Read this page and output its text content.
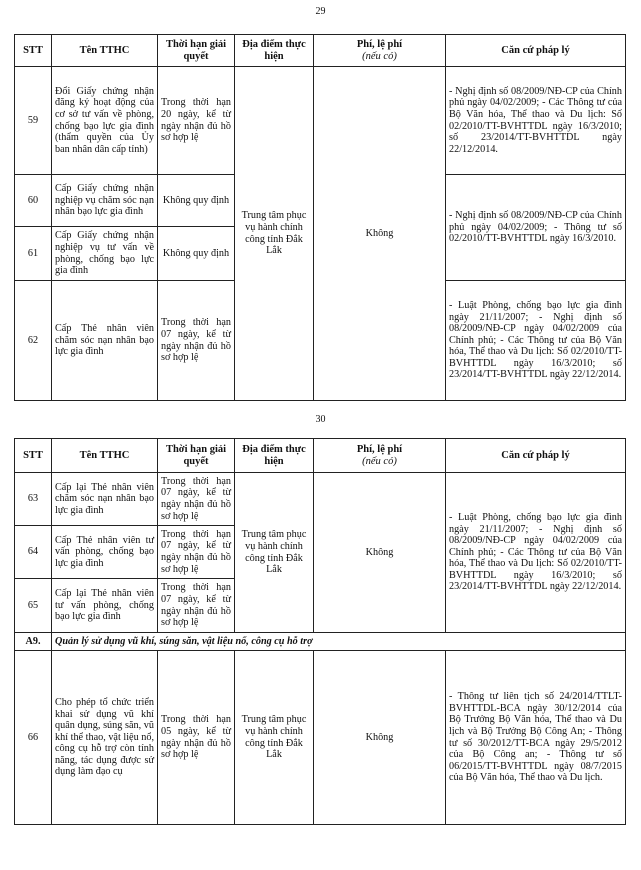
29
STT	Tên TTHC	Thời hạn giải quyết	Địa điểm thực hiện	Phí, lệ phí
(nếu có)	Căn cứ pháp lý
59	Đổi Giấy chứng nhận đăng ký hoạt động của cơ sở tư vấn về phòng, chống bạo lực gia đình (thẩm quyền của Ủy ban nhân dân cấp tỉnh)	Trong thời hạn 20 ngày, kể từ ngày nhận đủ hồ sơ hợp lệ	Trung tâm phục vụ hành chính công tỉnh Đắk Lắk	Không	- Nghị định số 08/2009/NĐ-CP của Chính phủ ngày 04/02/2009; - Các Thông tư của Bộ Văn hóa, Thể thao và Du lịch: Số 02/2010/TT-BVHTTDL ngày 16/3/2010; số 23/2014/TT-BVHTTDL ngày 22/12/2014.
60	Cấp Giấy chứng nhận nghiệp vụ chăm sóc nạn nhân bạo lực gia đình	Không quy định			- Nghị định số 08/2009/NĐ-CP của Chính phủ ngày 04/02/2009; - Thông tư số 02/2010/TT-BVHTTDL ngày 16/3/2010.
61	Cấp Giấy chứng nhận nghiệp vụ tư vấn về phòng, chống bạo lực gia đình	Không quy định			
62	Cấp Thẻ nhân viên chăm sóc nạn nhân bạo lực gia đình	Trong thời hạn 07 ngày, kể từ ngày nhận đủ hồ sơ hợp lệ			- Luật Phòng, chống bạo lực gia đình ngày 21/11/2007; - Nghị định số 08/2009/NĐ-CP ngày 04/02/2009 của Chính phủ; - Các Thông tư của Bộ Văn hóa, Thể thao và Du lịch: Số 02/2010/TT-BVHTTDL ngày 16/3/2010; số 23/2014/TT-BVHTTDL ngày 22/12/2014.
30
STT	Tên TTHC	Thời hạn giải quyết	Địa điểm thực hiện	Phí, lệ phí
(nếu có)	Căn cứ pháp lý
63	Cấp lại Thẻ nhân viên chăm sóc nạn nhân bạo lực gia đình	Trong thời hạn 07 ngày, kể từ ngày nhận đủ hồ sơ hợp lệ	Trung tâm phục vụ hành chính công tỉnh Đắk Lắk	Không	- Luật Phòng, chống bạo lực gia đình ngày 21/11/2007; - Nghị định số 08/2009/NĐ-CP ngày 04/02/2009 của Chính phủ; - Các Thông tư của Bộ Văn hóa, Thể thao và Du lịch: Số 02/2010/TT-BVHTTDL ngày 16/3/2010; số 23/2014/TT-BVHTTDL ngày 22/12/2014.
64	Cấp Thẻ nhân viên tư vấn phòng, chống bạo lực gia đình	Trong thời hạn 07 ngày, kể từ ngày nhận đủ hồ sơ hợp lệ			
65	Cấp lại Thẻ nhân viên tư vấn phòng, chống bạo lực gia đình	Trong thời hạn 07 ngày, kể từ ngày nhận đủ hồ sơ hợp lệ			
A9.	Quản lý sử dụng vũ khí, súng săn, vật liệu nổ, công cụ hỗ trợ				
66	Cho phép tổ chức triển khai sử dụng vũ khí quân dụng, súng săn, vũ khí thể thao, vật liệu nổ, công cụ hỗ trợ còn tính năng, tác dụng được sử dụng làm đạo cụ	Trong thời hạn 05 ngày, kể từ ngày nhận đủ hồ sơ hợp lệ	Trung tâm phục vụ hành chính công tỉnh Đắk Lắk	Không	- Thông tư liên tịch số 24/2014/TTLT-BVHTTDL-BCA ngày 30/12/2014 của Bộ Trưởng Bộ Văn hóa, Thể thao và Du lịch và Bộ Trưởng Bộ Công An; - Thông tư số 30/2012/TT-BCA ngày 29/5/2012 của Bộ Công an; - Thông tư số 06/2015/TT-BVHTTDL ngày 08/7/2015 của Bộ Văn hóa, Thể thao và Du lịch.
